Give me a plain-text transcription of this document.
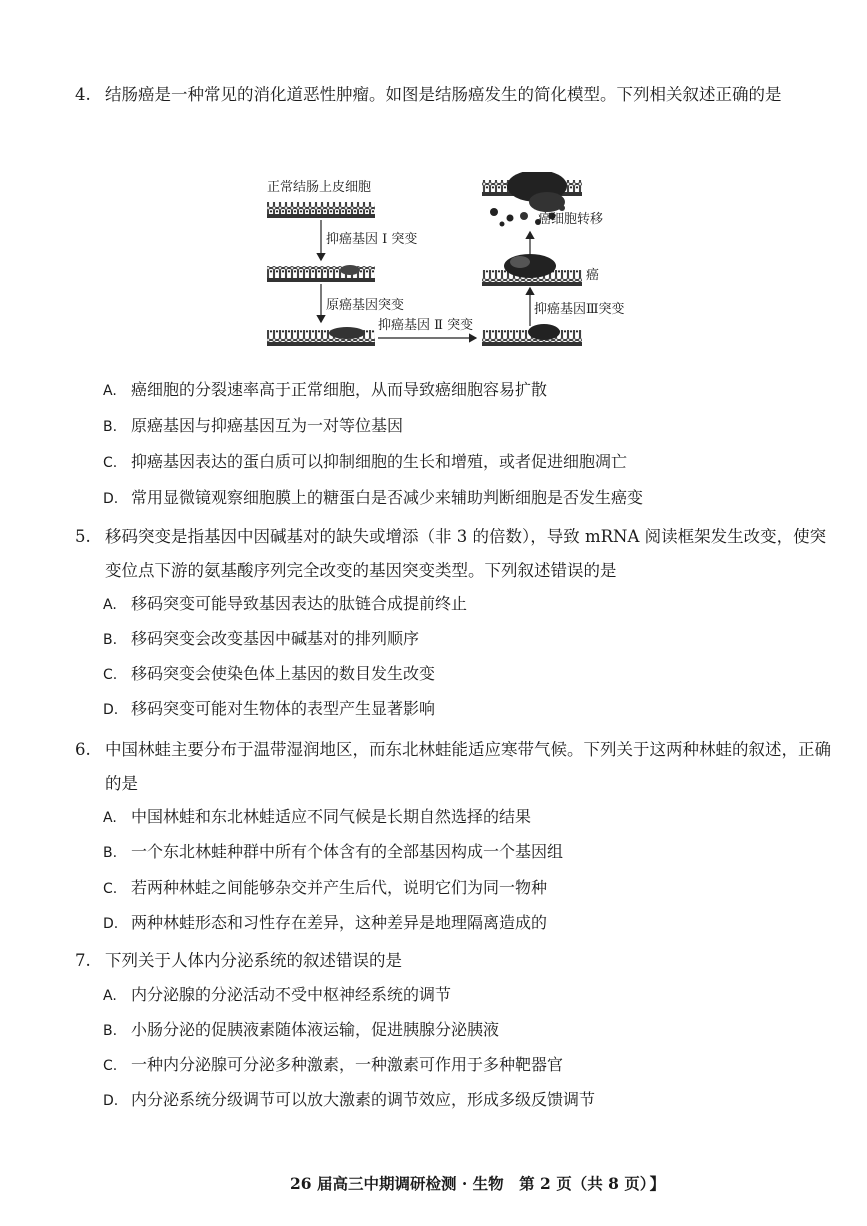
4. 结肠癌是一种常见的消化道恶性肿瘤。如图是结肠癌发生的简化模型。下列相关叙述正确的是
正常结肠上皮细胞
抑癌基因 Ⅰ 突变
原癌基因突变
抑癌基因 Ⅱ 突变
抑癌基因Ⅲ突变
癌
癌细胞转移
A. 癌细胞的分裂速率高于正常细胞，从而导致癌细胞容易扩散
B. 原癌基因与抑癌基因互为一对等位基因
C. 抑癌基因表达的蛋白质可以抑制细胞的生长和增殖，或者促进细胞凋亡
D. 常用显微镜观察细胞膜上的糖蛋白是否减少来辅助判断细胞是否发生癌变
5. 移码突变是指基因中因碱基对的缺失或增添（非 3 的倍数），导致 mRNA 阅读框架发生改变，使突变位点下游的氨基酸序列完全改变的基因突变类型。下列叙述错误的是
A. 移码突变可能导致基因表达的肽链合成提前终止
B. 移码突变会改变基因中碱基对的排列顺序
C. 移码突变会使染色体上基因的数目发生改变
D. 移码突变可能对生物体的表型产生显著影响
6. 中国林蛙主要分布于温带湿润地区，而东北林蛙能适应寒带气候。下列关于这两种林蛙的叙述，正确的是
A. 中国林蛙和东北林蛙适应不同气候是长期自然选择的结果
B. 一个东北林蛙种群中所有个体含有的全部基因构成一个基因组
C. 若两种林蛙之间能够杂交并产生后代，说明它们为同一物种
D. 两种林蛙形态和习性存在差异，这种差异是地理隔离造成的
7. 下列关于人体内分泌系统的叙述错误的是
A. 内分泌腺的分泌活动不受中枢神经系统的调节
B. 小肠分泌的促胰液素随体液运输，促进胰腺分泌胰液
C. 一种内分泌腺可分泌多种激素，一种激素可作用于多种靶器官
D. 内分泌系统分级调节可以放大激素的调节效应，形成多级反馈调节
26 届高三中期调研检测 · 生物　第 2 页（共 8 页） 】
